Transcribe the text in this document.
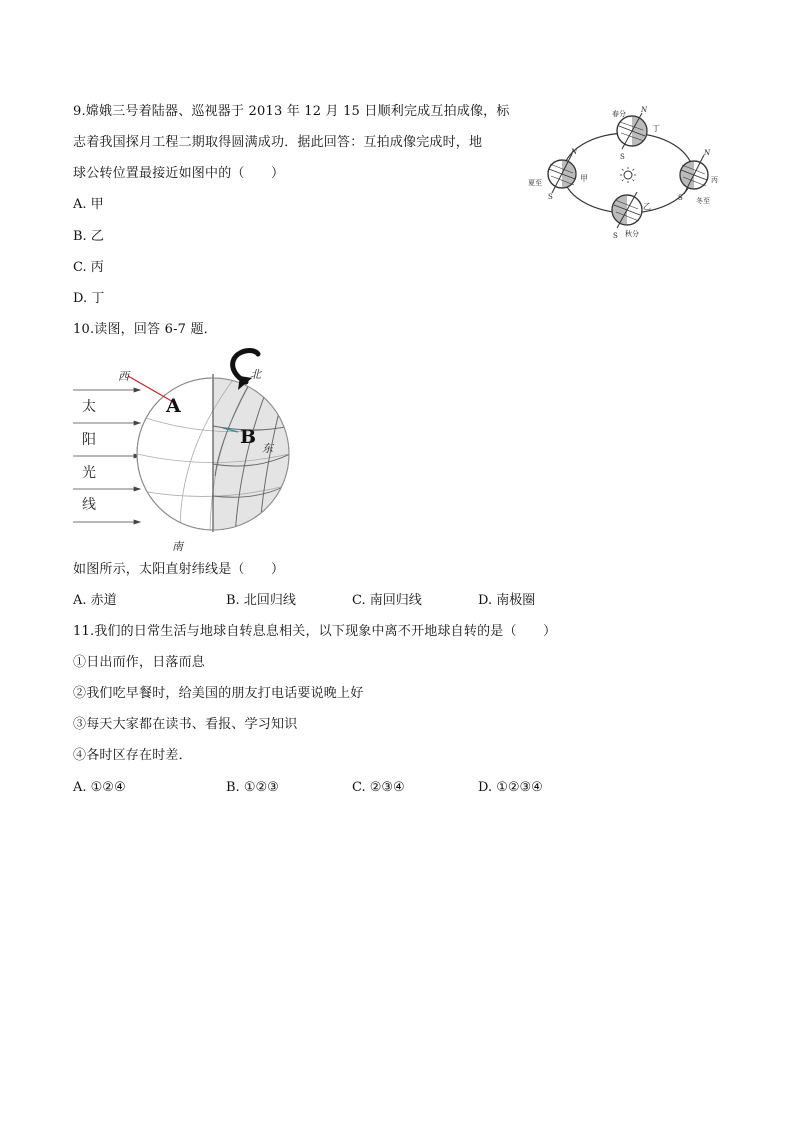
9.嫦娥三号着陆器、巡视器于 2013 年 12 月 15 日顺利完成互拍成像，标
志着我国探月工程二期取得圆满成功．据此回答：互拍成像完成时，地
球公转位置最接近如图中的（　　）
A. 甲
B. 乙
C. 丙
D. 丁
春分 N
丁
S
N
夏至	甲
S
乙
S 秋分
N
丙
S 冬至
10.读图，回答 6-7 题．
太
阳
光
线
西
A
B
东
北
南
如图所示，太阳直射纬线是（　　）
A. 赤道	B. 北回归线	C. 南回归线	D. 南极圈
11.我们的日常生活与地球自转息息相关，以下现象中离不开地球自转的是（　　）
①日出而作，日落而息
②我们吃早餐时，给美国的朋友打电话要说晚上好
③每天大家都在读书、看报、学习知识
④各时区存在时差．
A. ①②④	B. ①②③	C. ②③④	D. ①②③④
